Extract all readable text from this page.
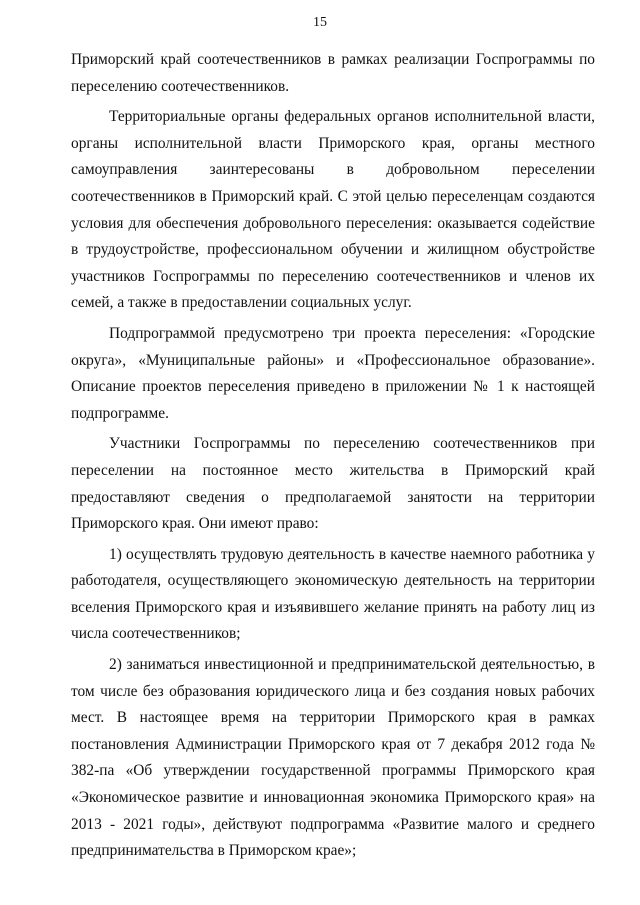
15

Приморский край соотечественников в рамках реализации Госпрограммы по переселению соотечественников.

Территориальные органы федеральных органов исполнительной власти, органы исполнительной власти Приморского края, органы местного самоуправления заинтересованы в добровольном переселении соотечественников в Приморский край. С этой целью переселенцам создаются условия для обеспечения добровольного переселения: оказывается содействие в трудоустройстве, профессиональном обучении и жилищном обустройстве участников Госпрограммы по переселению соотечественников и членов их семей, а также в предоставлении социальных услуг.

Подпрограммой предусмотрено три проекта переселения: «Городские округа», «Муниципальные районы» и «Профессиональное образование». Описание проектов переселения приведено в приложении № 1 к настоящей подпрограмме.

Участники Госпрограммы по переселению соотечественников при переселении на постоянное место жительства в Приморский край предоставляют сведения о предполагаемой занятости на территории Приморского края. Они имеют право:

1) осуществлять трудовую деятельность в качестве наемного работника у работодателя, осуществляющего экономическую деятельность на территории вселения Приморского края и изъявившего желание принять на работу лиц из числа соотечественников;

2) заниматься инвестиционной и предпринимательской деятельностью, в том числе без образования юридического лица и без создания новых рабочих мест. В настоящее время на территории Приморского края в рамках постановления Администрации Приморского края от 7 декабря 2012 года № 382-па «Об утверждении государственной программы Приморского края «Экономическое развитие и инновационная экономика Приморского края» на 2013 - 2021 годы», действуют подпрограмма «Развитие малого и среднего предпринимательства в Приморском крае»;
